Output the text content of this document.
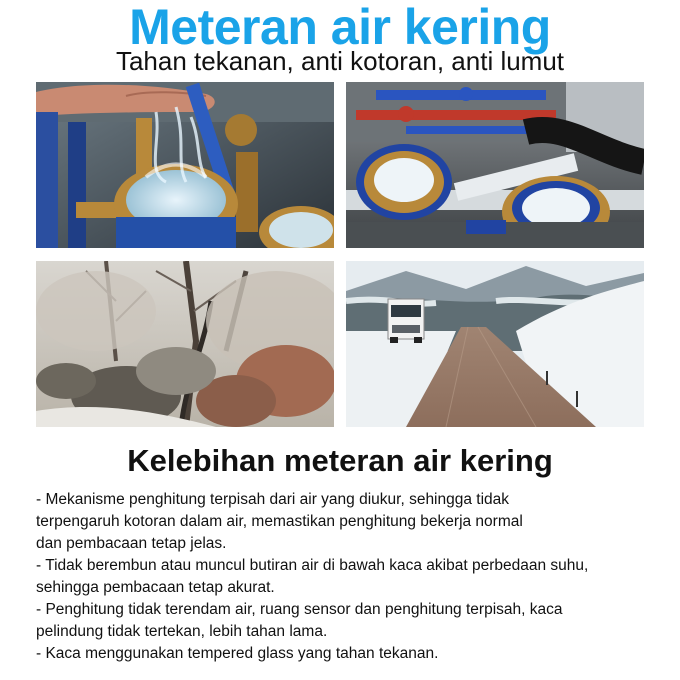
Meteran air kering
Tahan tekanan, anti kotoran, anti lumut
Kelebihan meteran air kering

- Mekanisme penghitung terpisah dari air yang diukur, sehingga tidak

terpengaruh kotoran dalam air, memastikan penghitung bekerja normal

dan pembacaan tetap jelas.

- Tidak berembun atau muncul butiran air di bawah kaca akibat perbedaan suhu,

sehingga pembacaan tetap akurat.

- Penghitung tidak terendam air, ruang sensor dan penghitung terpisah, kaca

pelindung tidak tertekan, lebih tahan lama.

- Kaca menggunakan tempered glass yang tahan tekanan.
